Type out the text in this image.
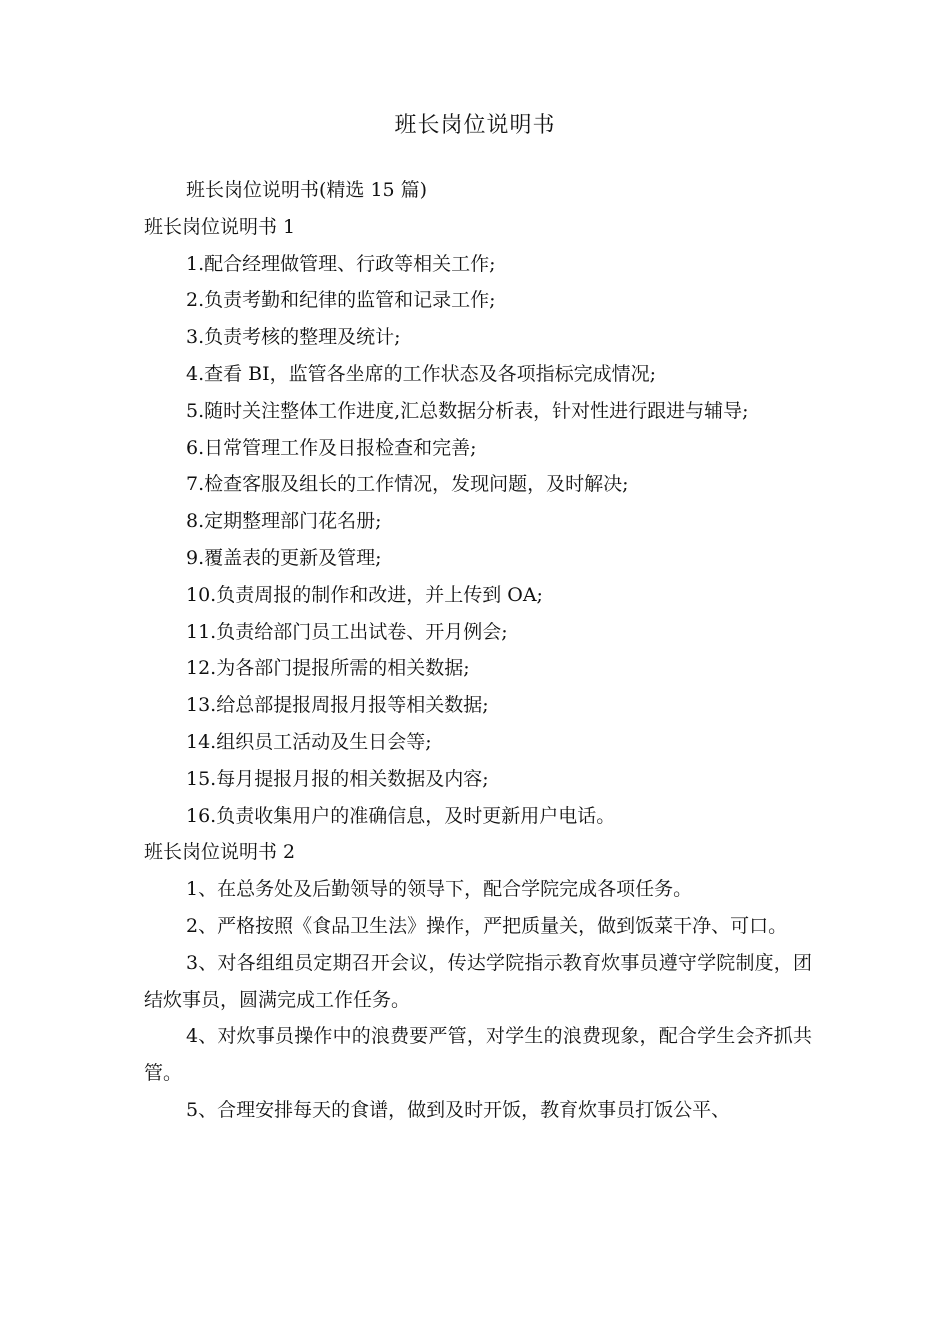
班长岗位说明书

班长岗位说明书(精选 15 篇)

班长岗位说明书 1

1.配合经理做管理、行政等相关工作;

2.负责考勤和纪律的监管和记录工作;

3.负责考核的整理及统计;

4.查看 BI，监管各坐席的工作状态及各项指标完成情况;

5.随时关注整体工作进度,汇总数据分析表，针对性进行跟进与辅导;

6.日常管理工作及日报检查和完善;

7.检查客服及组长的工作情况，发现问题，及时解决;

8.定期整理部门花名册;

9.覆盖表的更新及管理;

10.负责周报的制作和改进，并上传到 OA;

11.负责给部门员工出试卷、开月例会;

12.为各部门提报所需的相关数据;

13.给总部提报周报月报等相关数据;

14.组织员工活动及生日会等;

15.每月提报月报的相关数据及内容;

16.负责收集用户的准确信息，及时更新用户电话。

班长岗位说明书 2

1、在总务处及后勤领导的领导下，配合学院完成各项任务。

2、严格按照《食品卫生法》操作，严把质量关，做到饭菜干净、可口。

3、对各组组员定期召开会议，传达学院指示教育炊事员遵守学院制度，团结炊事员，圆满完成工作任务。

4、对炊事员操作中的浪费要严管，对学生的浪费现象，配合学生会齐抓共管。

5、合理安排每天的食谱，做到及时开饭，教育炊事员打饭公平、
